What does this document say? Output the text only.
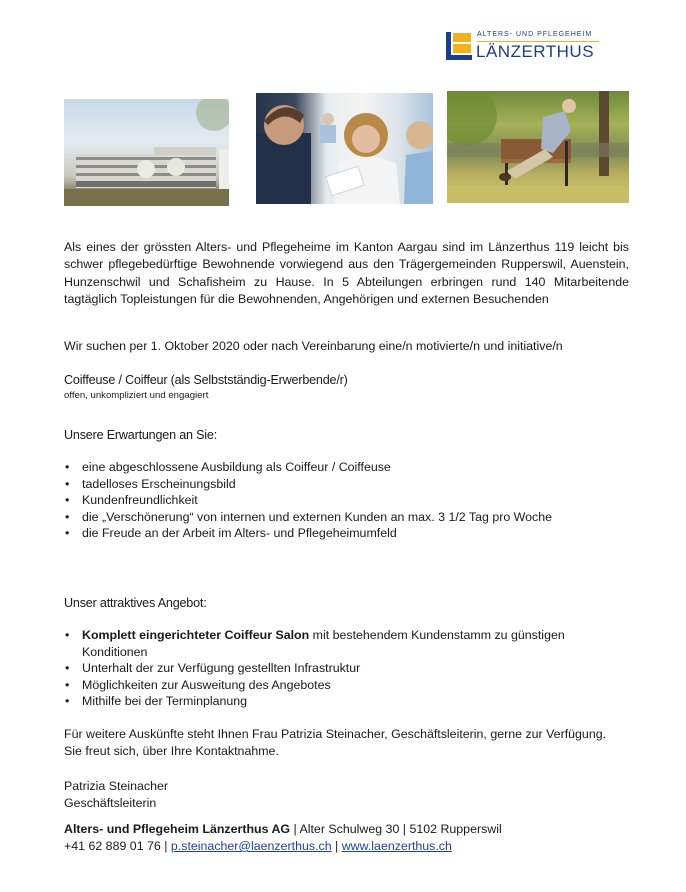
ALTERS- UND PFLEGEHEIM
LÄNZERTHUS
Als eines der grössten Alters- und Pflegeheime im Kanton Aargau sind im Länzerthus 119 leicht bis schwer pflegebedürftige Bewohnende vorwiegend aus den Trägergemeinden Rupperswil, Auenstein, Hunzenschwil und Schafisheim zu Hause. In 5 Abteilungen erbringen rund 140 Mitarbeitende tagtäglich Topleistungen für die Bewohnenden, Angehörigen und externen Besuchenden
Wir suchen per 1. Oktober 2020 oder nach Vereinbarung eine/n motivierte/n und initiative/n
Coiffeuse / Coiffeur (als Selbstständig-Erwerbende/r)
offen, unkompliziert und engagiert
Unsere Erwartungen an Sie:
• eine abgeschlossene Ausbildung als Coiffeur / Coiffeuse
• tadelloses Erscheinungsbild
• Kundenfreundlichkeit
• die „Verschönerung“ von internen und externen Kunden an max. 3 1/2 Tag pro Woche
• die Freude an der Arbeit im Alters- und Pflegeheimumfeld
Unser attraktives Angebot:
• Komplett eingerichteter Coiffeur Salon mit bestehendem Kundenstamm zu günstigen Konditionen
• Unterhalt der zur Verfügung gestellten Infrastruktur
• Möglichkeiten zur Ausweitung des Angebotes
• Mithilfe bei der Terminplanung
Für weitere Auskünfte steht Ihnen Frau Patrizia Steinacher, Geschäftsleiterin, gerne zur Verfügung. Sie freut sich, über Ihre Kontaktnahme.
Patrizia Steinacher
Geschäftsleiterin
Alters- und Pflegeheim Länzerthus AG | Alter Schulweg 30 | 5102 Rupperswil
+41 62 889 01 76 | p.steinacher@laenzerthus.ch | www.laenzerthus.ch
